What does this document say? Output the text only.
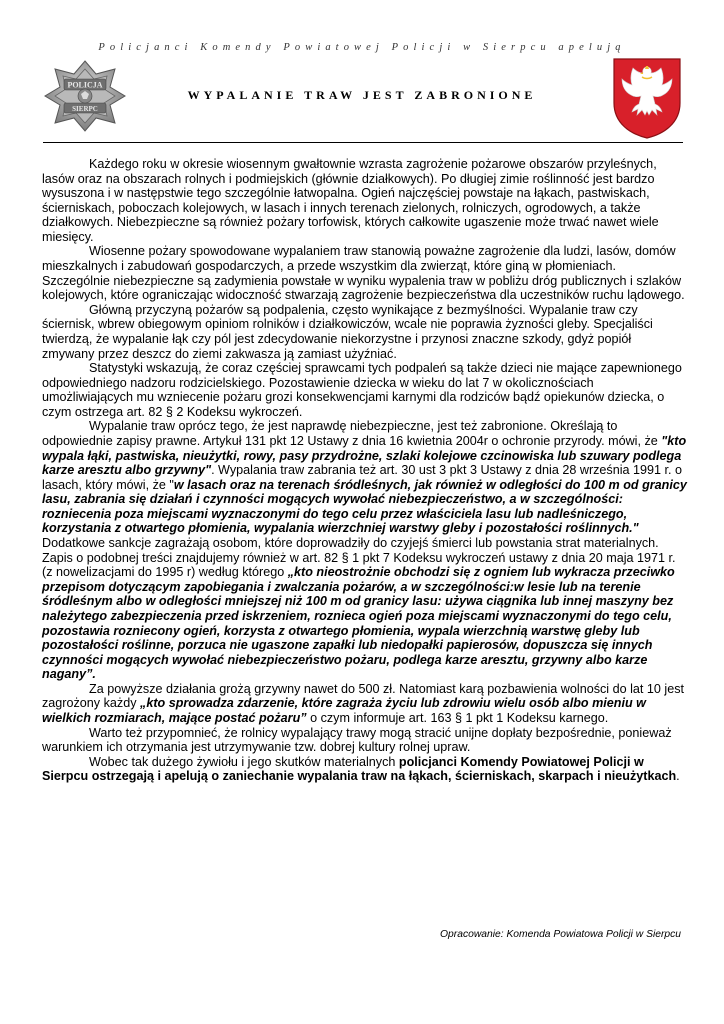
Policjanci Komendy Powiatowej Policji w Sierpcu apelują
POLICJA
SIERPC
WYPALANIE TRAW JEST ZABRONIONE

Każdego roku w okresie wiosennym gwałtownie wzrasta zagrożenie pożarowe obszarów przyleśnych, lasów oraz na obszarach rolnych i podmiejskich (głównie działkowych). Po długiej zimie roślinność jest bardzo wysuszona i w następstwie tego szczególnie łatwopalna. Ogień najczęściej powstaje na łąkach, pastwiskach, ścierniskach, poboczach kolejowych, w lasach i innych terenach zielonych, rolniczych, ogrodowych, a także działkowych. Niebezpieczne są również pożary torfowisk, których całkowite ugaszenie może trwać nawet wiele miesięcy.

Wiosenne pożary spowodowane wypalaniem traw stanowią poważne zagrożenie dla ludzi, lasów, domów mieszkalnych i zabudowań gospodarczych, a przede wszystkim dla zwierząt, które giną w płomieniach. Szczególnie niebezpieczne są zadymienia powstałe w wyniku wypalenia traw w pobliżu dróg publicznych i szlaków kolejowych, które ograniczając widoczność stwarzają zagrożenie bezpieczeństwa dla uczestników ruchu lądowego.

Główną przyczyną pożarów są podpalenia, często wynikające z bezmyślności. Wypalanie traw czy ściernisk, wbrew obiegowym opiniom rolników i działkowiczów, wcale nie poprawia żyzności gleby. Specjaliści twierdzą, że wypalanie łąk czy pól jest zdecydowanie niekorzystne i przynosi znaczne szkody, gdyż popiół zmywany przez deszcz do ziemi zakwasza ją zamiast użyźniać.

Statystyki wskazują, że coraz częściej sprawcami tych podpaleń są także dzieci nie mające zapewnionego odpowiedniego nadzoru rodzicielskiego. Pozostawienie dziecka w wieku do lat 7 w okolicznościach umożliwiających mu wzniecenie pożaru grozi konsekwencjami karnymi dla rodziców bądź opiekunów dziecka, o czym ostrzega art. 82 § 2 Kodeksu wykroczeń.

Wypalanie traw oprócz tego, że jest naprawdę niebezpieczne, jest też zabronione. Określają to odpowiednie zapisy prawne. Artykuł 131 pkt 12 Ustawy z dnia 16 kwietnia 2004r o ochronie przyrody. mówi, że "kto wypala łąki, pastwiska, nieużytki, rowy, pasy przydrożne, szlaki kolejowe czcinowiska lub szuwary podlega karze aresztu albo grzywny". Wypalania traw zabrania też art. 30 ust 3 pkt 3 Ustawy z dnia 28 września 1991 r. o lasach, który mówi, że "w lasach oraz na terenach śródleśnych, jak również w odległości do 100 m od granicy lasu, zabrania się działań i czynności mogących wywołać niebezpieczeństwo, a w szczególności: rozniecenia poza miejscami wyznaczonymi do tego celu przez właściciela lasu lub nadleśniczego, korzystania z otwartego płomienia, wypalania wierzchniej warstwy gleby i pozostałości roślinnych." Dodatkowe sankcje zagrażają osobom, które doprowadziły do czyjejś śmierci lub powstania strat materialnych. Zapis o podobnej treści znajdujemy również w art. 82 § 1 pkt 7 Kodeksu wykroczeń ustawy z dnia 20 maja 1971 r. (z nowelizacjami do 1995 r) według którego „kto nieostrożnie obchodzi się z ogniem lub wykracza przeciwko przepisom dotyczącym zapobiegania i zwalczania pożarów, a w szczególności:w lesie lub na terenie śródleśnym albo w odległości mniejszej niż 100 m od granicy lasu: używa ciągnika lub innej maszyny bez należytego zabezpieczenia przed iskrzeniem, roznieca ogień poza miejscami wyznaczonymi do tego celu, pozostawia rozniecony ogień, korzysta z otwartego płomienia, wypala wierzchnią warstwę gleby lub pozostałości roślinne, porzuca nie ugaszone zapałki lub niedopałki papierosów, dopuszcza się innych czynności mogących wywołać niebezpieczeństwo pożaru, podlega karze aresztu, grzywny albo karze nagany”.

Za powyższe działania grożą grzywny nawet do 500 zł. Natomiast karą pozbawienia wolności do lat 10 jest zagrożony każdy „kto sprowadza zdarzenie, które zagraża życiu lub zdrowiu wielu osób albo mieniu w wielkich rozmiarach, mające postać pożaru” o czym informuje art. 163 § 1 pkt 1 Kodeksu karnego.

Warto też przypomnieć, że rolnicy wypalający trawy mogą stracić unijne dopłaty bezpośrednie, ponieważ warunkiem ich otrzymania jest utrzymywanie tzw. dobrej kultury rolnej upraw.

Wobec tak dużego żywiołu i jego skutków materialnych policjanci Komendy Powiatowej Policji w Sierpcu ostrzegają i apelują o zaniechanie wypalania traw na łąkach, ścierniskach, skarpach i nieużytkach.

Opracowanie: Komenda Powiatowa Policji w Sierpcu
